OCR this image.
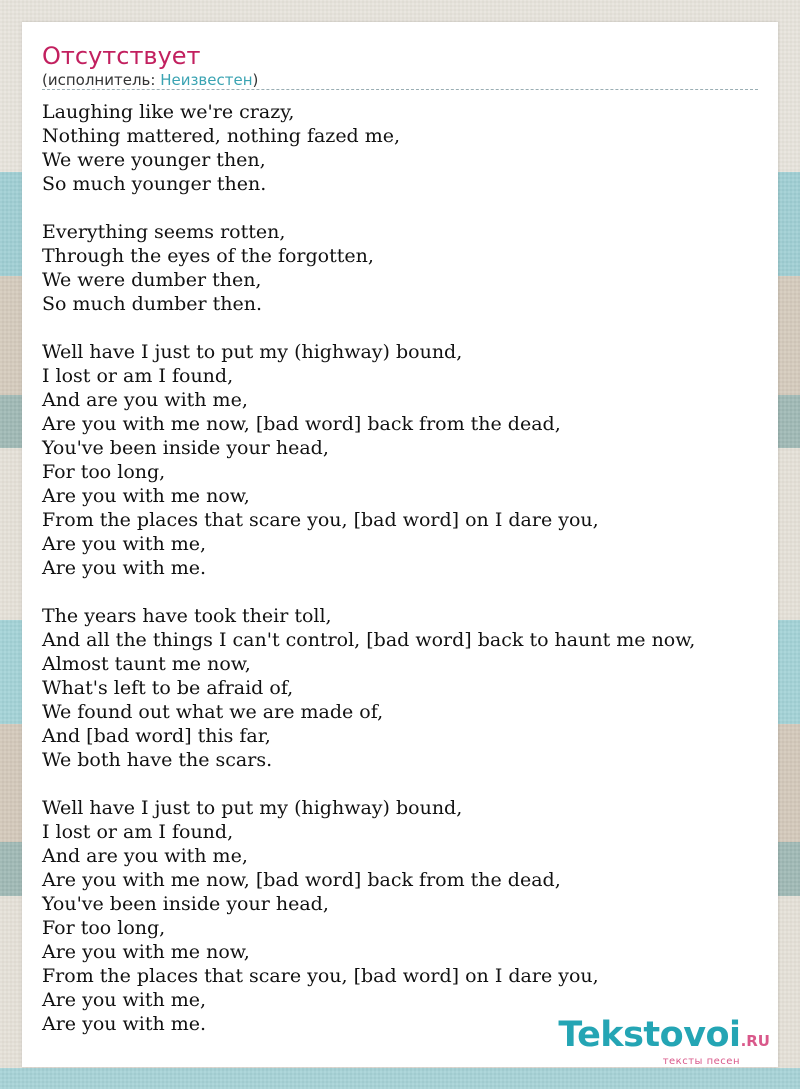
Отсутствует
(исполнитель: Неизвестен)
Laughing like we're crazy,
Nothing mattered, nothing fazed me,
We were younger then,
So much younger then.
Everything seems rotten,
Through the eyes of the forgotten,
We were dumber then,
So much dumber then.
Well have I just to put my (highway) bound,
I lost or am I found,
And are you with me,
Are you with me now, [bad word] back from the dead,
You've been inside your head,
For too long,
Are you with me now,
From the places that scare you, [bad word] on I dare you,
Are you with me,
Are you with me.
The years have took their toll,
And all the things I can't control, [bad word] back to haunt me now,
Almost taunt me now,
What's left to be afraid of,
We found out what we are made of,
And [bad word] this far,
We both have the scars.
Well have I just to put my (highway) bound,
I lost or am I found,
And are you with me,
Are you with me now, [bad word] back from the dead,
You've been inside your head,
For too long,
Are you with me now,
From the places that scare you, [bad word] on I dare you,
Are you with me,
Are you with me.	Tekstovoi.RU
тексты песен
